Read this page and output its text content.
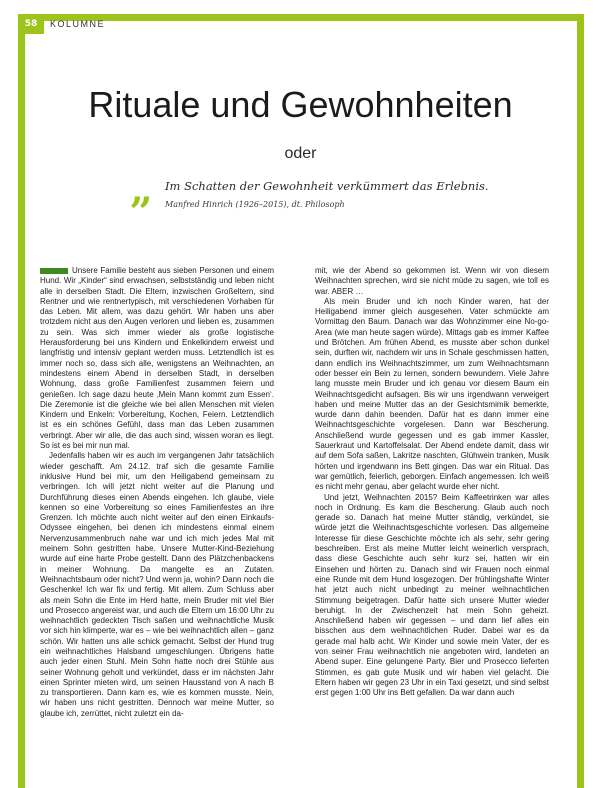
58	KOLUMNE
Rituale und Gewohnheiten
oder
„ Im Schatten der Gewohnheit verkümmert das Erlebnis.
Manfred Hinrich (1926–2015), dt. Philosoph

Unsere Familie besteht aus sieben Personen und einem Hund. Wir „Kinder“ sind erwachsen, selbstständig und leben nicht alle in derselben Stadt. Die Eltern, inzwischen Großeltern, sind Rentner und wie rentnertypisch, mit verschiedenen Vorhaben für das Leben. Mit allem, was dazu gehört. Wir haben uns aber trotzdem nicht aus den Augen verloren und lieben es, zusammen zu sein. Was sich immer wieder als große logistische Herausforderung bei uns Kindern und Enkelkindern erweist und langfristig und intensiv geplant werden muss. Letztendlich ist es immer noch so, dass sich alle, wenigstens an Weihnachten, an mindestens einem Abend in derselben Stadt, in derselben Wohnung, dass große Familienfest zusammen feiern und genießen. Ich sage dazu heute ‚Mein Mann kommt zum Essen‘. Die Zeremonie ist die gleiche wie bei allen Menschen mit vielen Kindern und Enkeln: Vorbereitung, Kochen, Feiern. Letztendlich ist es ein schönes Gefühl, dass man das Leben zusammen verbringt. Aber wir alle, die das auch sind, wissen woran es liegt. So ist es bei mir nun mal.

Jedenfalls haben wir es auch im vergangenen Jahr tatsächlich wieder geschafft. Am 24.12. traf sich die gesamte Familie inklusive Hund bei mir, um den Heiligabend gemeinsam zu verbringen. Ich will jetzt nicht weiter auf die Planung und Durchführung dieses einen Abends eingehen. Ich glaube, viele kennen so eine Vorbereitung so eines Familienfestes an ihre Grenzen. Ich möchte auch nicht weiter auf den einen Einkaufs-Odyssee eingehen, bei denen ich mindestens einmal einem Nervenzusammenbruch nahe war und ich mich jedes Mal mit meinem Sohn gestritten habe. Unsere Mutter-Kind-Beziehung wurde auf eine harte Probe gestellt. Dann des Plätzchenbackens in meiner Wohnung. Da mangelte es an Zutaten. Weihnachtsbaum oder nicht? Und wenn ja, wohin? Dann noch die Geschenke! Ich war fix und fertig. Mit allem. Zum Schluss aber als mein Sohn die Ente im Herd hatte, mein Bruder mit viel Bier und Prosecco angereist war, und auch die Eltern um 16:00 Uhr zu weihnachtlich gedeckten Tisch saßen und weihnachtliche Musik vor sich hin klimperte, war es – wie bei weihnachtlich allen – ganz schön. Wir hatten uns alle schick gemacht. Selbst der Hund trug ein weihnachtliches Halsband umgeschlungen. Übrigens hatte auch jeder einen Stuhl. Mein Sohn hatte noch drei Stühle aus seiner Wohnung geholt und verkündet, dass er im nächsten Jahr einen Sprinter mieten wird, um seinen Hausstand von A nach B zu transportieren. Dann kam es, wie es kommen musste. Nein, wir haben uns nicht gestritten. Dennoch war meine Mutter, so glaube ich, zerrüttet, nicht zuletzt ein da-

mit, wie der Abend so gekommen ist. Wenn wir von diesem Weihnachten sprechen, wird sie nicht müde zu sagen, wie toll es war. ABER …

Als mein Bruder und ich noch Kinder waren, hat der Heiligabend immer gleich ausgesehen. Vater schmückte am Vormittag den Baum. Danach war das Wohnzimmer eine No-go-Area (wie man heute sagen würde). Mittags gab es immer Kaffee und Brötchen. Am frühen Abend, es musste aber schon dunkel sein, durften wir, nachdem wir uns in Schale geschmissen hatten, dann endlich ins Weihnachtszimmer, um zum Weihnachtsmann oder besser ein Bein zu lernen, sondern bewundern. Viele Jahre lang musste mein Bruder und ich genau vor diesem Baum ein Weihnachtsgedicht aufsagen. Bis wir uns irgendwann verweigert haben und meine Mutter das an der Gesichtsmimik bemerkte, wurde dann dahin beenden. Dafür hat es dann immer eine Weihnachtsgeschichte vorgelesen. Dann war Bescherung. Anschließend wurde gegessen und es gab immer Kassler, Sauerkraut und Kartoffelsalat. Der Abend endete damit, dass wir auf dem Sofa saßen, Lakritze naschten, Glühwein tranken, Musik hörten und irgendwann ins Bett gingen. Das war ein Ritual. Das war gemütlich, feierlich, geborgen. Einfach angemessen. Ich weiß es nicht mehr genau, aber gelacht wurde eher nicht.

Und jetzt, Weihnachten 2015? Beim Kaffeetrinken war alles noch in Ordnung. Es kam die Bescherung. Glaub auch noch gerade so. Danach hat meine Mutter ständig, verkündet, sie würde jetzt die Weihnachtsgeschichte vorlesen. Das allgemeine Interesse für diese Geschichte möchte ich als sehr, sehr gering beschreiben. Erst als meine Mutter leicht weinerlich versprach, dass diese Geschichte auch sehr kurz sei, hatten wir ein Einsehen und hörten zu. Danach sind wir Frauen noch einmal eine Runde mit dem Hund losgezogen. Der frühlingshafte Winter hat jetzt auch nicht unbedingt zu meiner weihnachtlichen Stimmung beigetragen. Dafür hatte sich unsere Mutter wieder beruhigt. In der Zwischenzeit hat mein Sohn geheizt. Anschließend haben wir gegessen – und dann lief alles ein bisschen aus dem weihnachtlichen Ruder. Dabei war es da gerade mal halb acht. Wir Kinder und sowie mein Vater, der es von seiner Frau weihnachtlich nie angeboten wird, landeten an Abend super. Eine gelungene Party. Bier und Prosecco lieferten Stimmen, es gab gute Musik und wir haben viel gelacht. Die Eltern haben wir gegen 23 Uhr in ein Taxi gesetzt, und sind selbst erst gegen 1:00 Uhr ins Bett gefallen. Da war dann auch
